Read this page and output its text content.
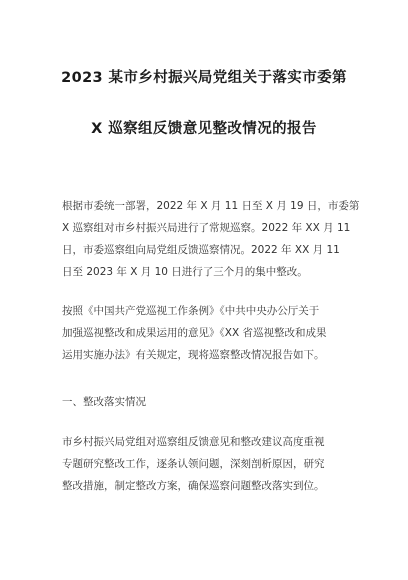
2023 某市乡村振兴局党组关于落实市委第
X 巡察组反馈意见整改情况的报告
根据市委统一部署，2022 年 X 月 11 日至 X 月 19 日，市委第
X 巡察组对市乡村振兴局进行了常规巡察。2022 年 XX 月 11
日，市委巡察组向局党组反馈巡察情况。2022 年 XX 月 11
日至 2023 年 X 月 10 日进行了三个月的集中整改。
按照《中国共产党巡视工作条例》《中共中央办公厅关于
加强巡视整改和成果运用的意见》《XX 省巡视整改和成果
运用实施办法》有关规定，现将巡察整改情况报告如下。
一、整改落实情况
市乡村振兴局党组对巡察组反馈意见和整改建议高度重视
专题研究整改工作，逐条认领问题，深刻剖析原因，研究
整改措施，制定整改方案，确保巡察问题整改落实到位。
